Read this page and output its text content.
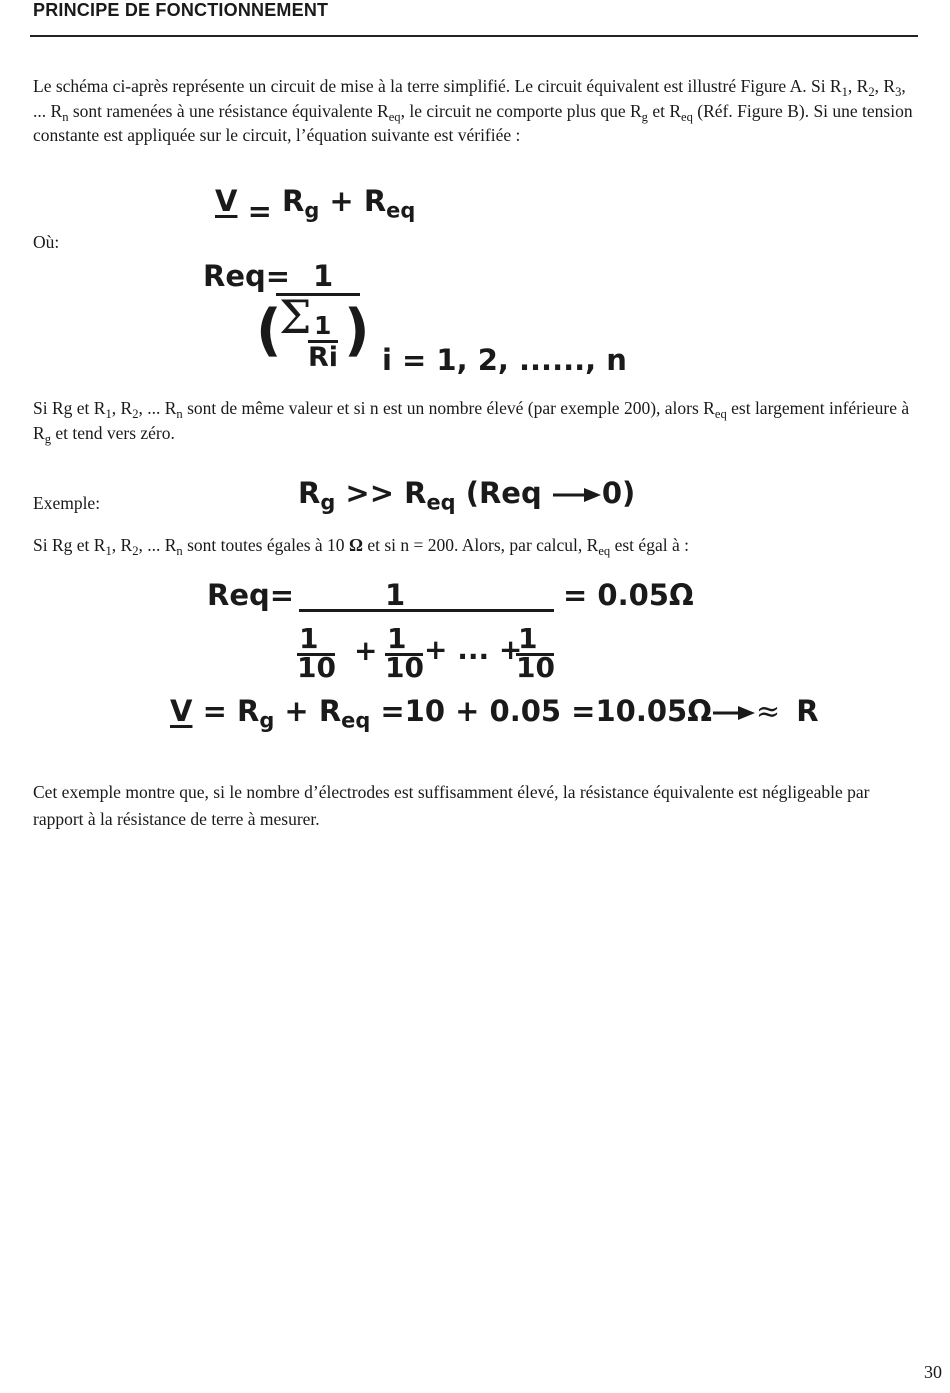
PRINCIPE DE FONCTIONNEMENT
Le schéma ci-après représente un circuit de mise à la terre simplifié. Le circuit équivalent est illustré Figure A. Si $R_1$, $R_2$, $R_3$, ... $R_n$ sont ramenées à une résistance équivalente $R_{eq}$, le circuit ne comporte plus que $R_g$ et $R_{eq}$ (Réf. Figure B). Si une tension constante est appliquée sur le circuit, l’équation suivante est vérifiée :
$V = R_g + R_{eq}$
Où:
Req= 1
(
Σ 1
Ri ) i = 1, 2, ......, n
Si Rg et $R_1$, $R_2$, ... $R_n$ sont de même valeur et si n est un nombre élevé (par exemple 200), alors $R_{eq}$ est largement inférieure à $R_g$ et tend vers zéro.
Exemple:	$R_g >> R_{eq}$ (Req 0)
Si Rg et $R_1$, $R_2$, ... $R_n$ sont toutes égales à 10 Ω et si n = 200. Alors, par calcul, $R_{eq}$ est égal à :
Req=	1	= 0.05Ω
1
10
+ 1
10
+ ... +
1
10
$V = R_g + R_{eq} =10 + 0.05 =10.05\Omega \approx R$
Cet exemple montre que, si le nombre d’électrodes est suffisamment élevé, la résistance équivalente est négligeable par rapport à la résistance de terre à mesurer.
30
